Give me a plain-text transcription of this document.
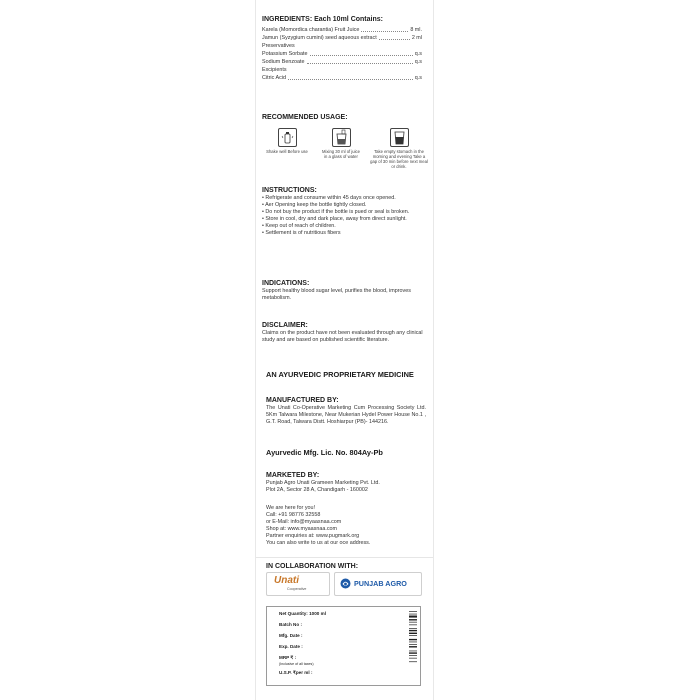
INGREDIENTS: Each 10ml Contains:
Karela (Momordica charantia) Fruit Juice	8 ml.
Jamun (Syzygium cumini) seed aqueous extract	2 ml
Preservatives
Potassium Sorbate	q.s
Sodium Benzoate	q.s
Excipients
Citric Acid	q.s
RECOMMENDED USAGE:
Shake well Before use	Mixing 30 ml of juice in a glass of water
Take empty stomach in the morning and evening Take a gap of 30 min before next meal or drink.
INSTRUCTIONS:
• Refrigerate and consume within 45 days once opened.
• Aer Opening keep the bottle tightly closed.
• Do not buy the product if the bottle is pued or seal is broken.
• Store in cool, dry and dark place, away from direct sunlight.
• Keep out of reach of children.
• Settlement is of nutritious fibers
INDICATIONS:
Support healthy blood sugar level, purifies the blood, improves metabolism.
DISCLAIMER:
Claims on the product have not been evaluated through any clinical study and are based on published scientific literature.
AN AYURVEDIC PROPRIETARY MEDICINE
MANUFACTURED BY:
The Unati Co-Operative Marketing Cum Processing Society Ltd. 5Km Talwara Milestone, Near Mukerian Hydel Power House No.1 , G.T. Road, Talwara Distt. Hoshiarpur (PB)- 144216.
Ayurvedic Mfg. Lic. No. 804Ay-Pb
MARKETED BY:
Punjab Agro Unati Grameen Marketing Pvt. Ltd.
Plot 2A, Sector 28 A, Chandigarh - 160002
We are here for you!
Call: +91 98776 32558
or E-Mail: info@myaasnaa.com
Shop at: www.myaasnaa.com
Partner enquiries at: www.pugmark.org
You can also write to us at our oce address.
IN COLLABORATION WITH:
Unati
Cooperative
PUNJAB AGRO
Net Quantity: 1000 ml
Batch No :
Mfg. Date :
Exp. Date :
MRP ₹ :
(Inclusive of all taxes)
U.S.P. ₹per ml :
